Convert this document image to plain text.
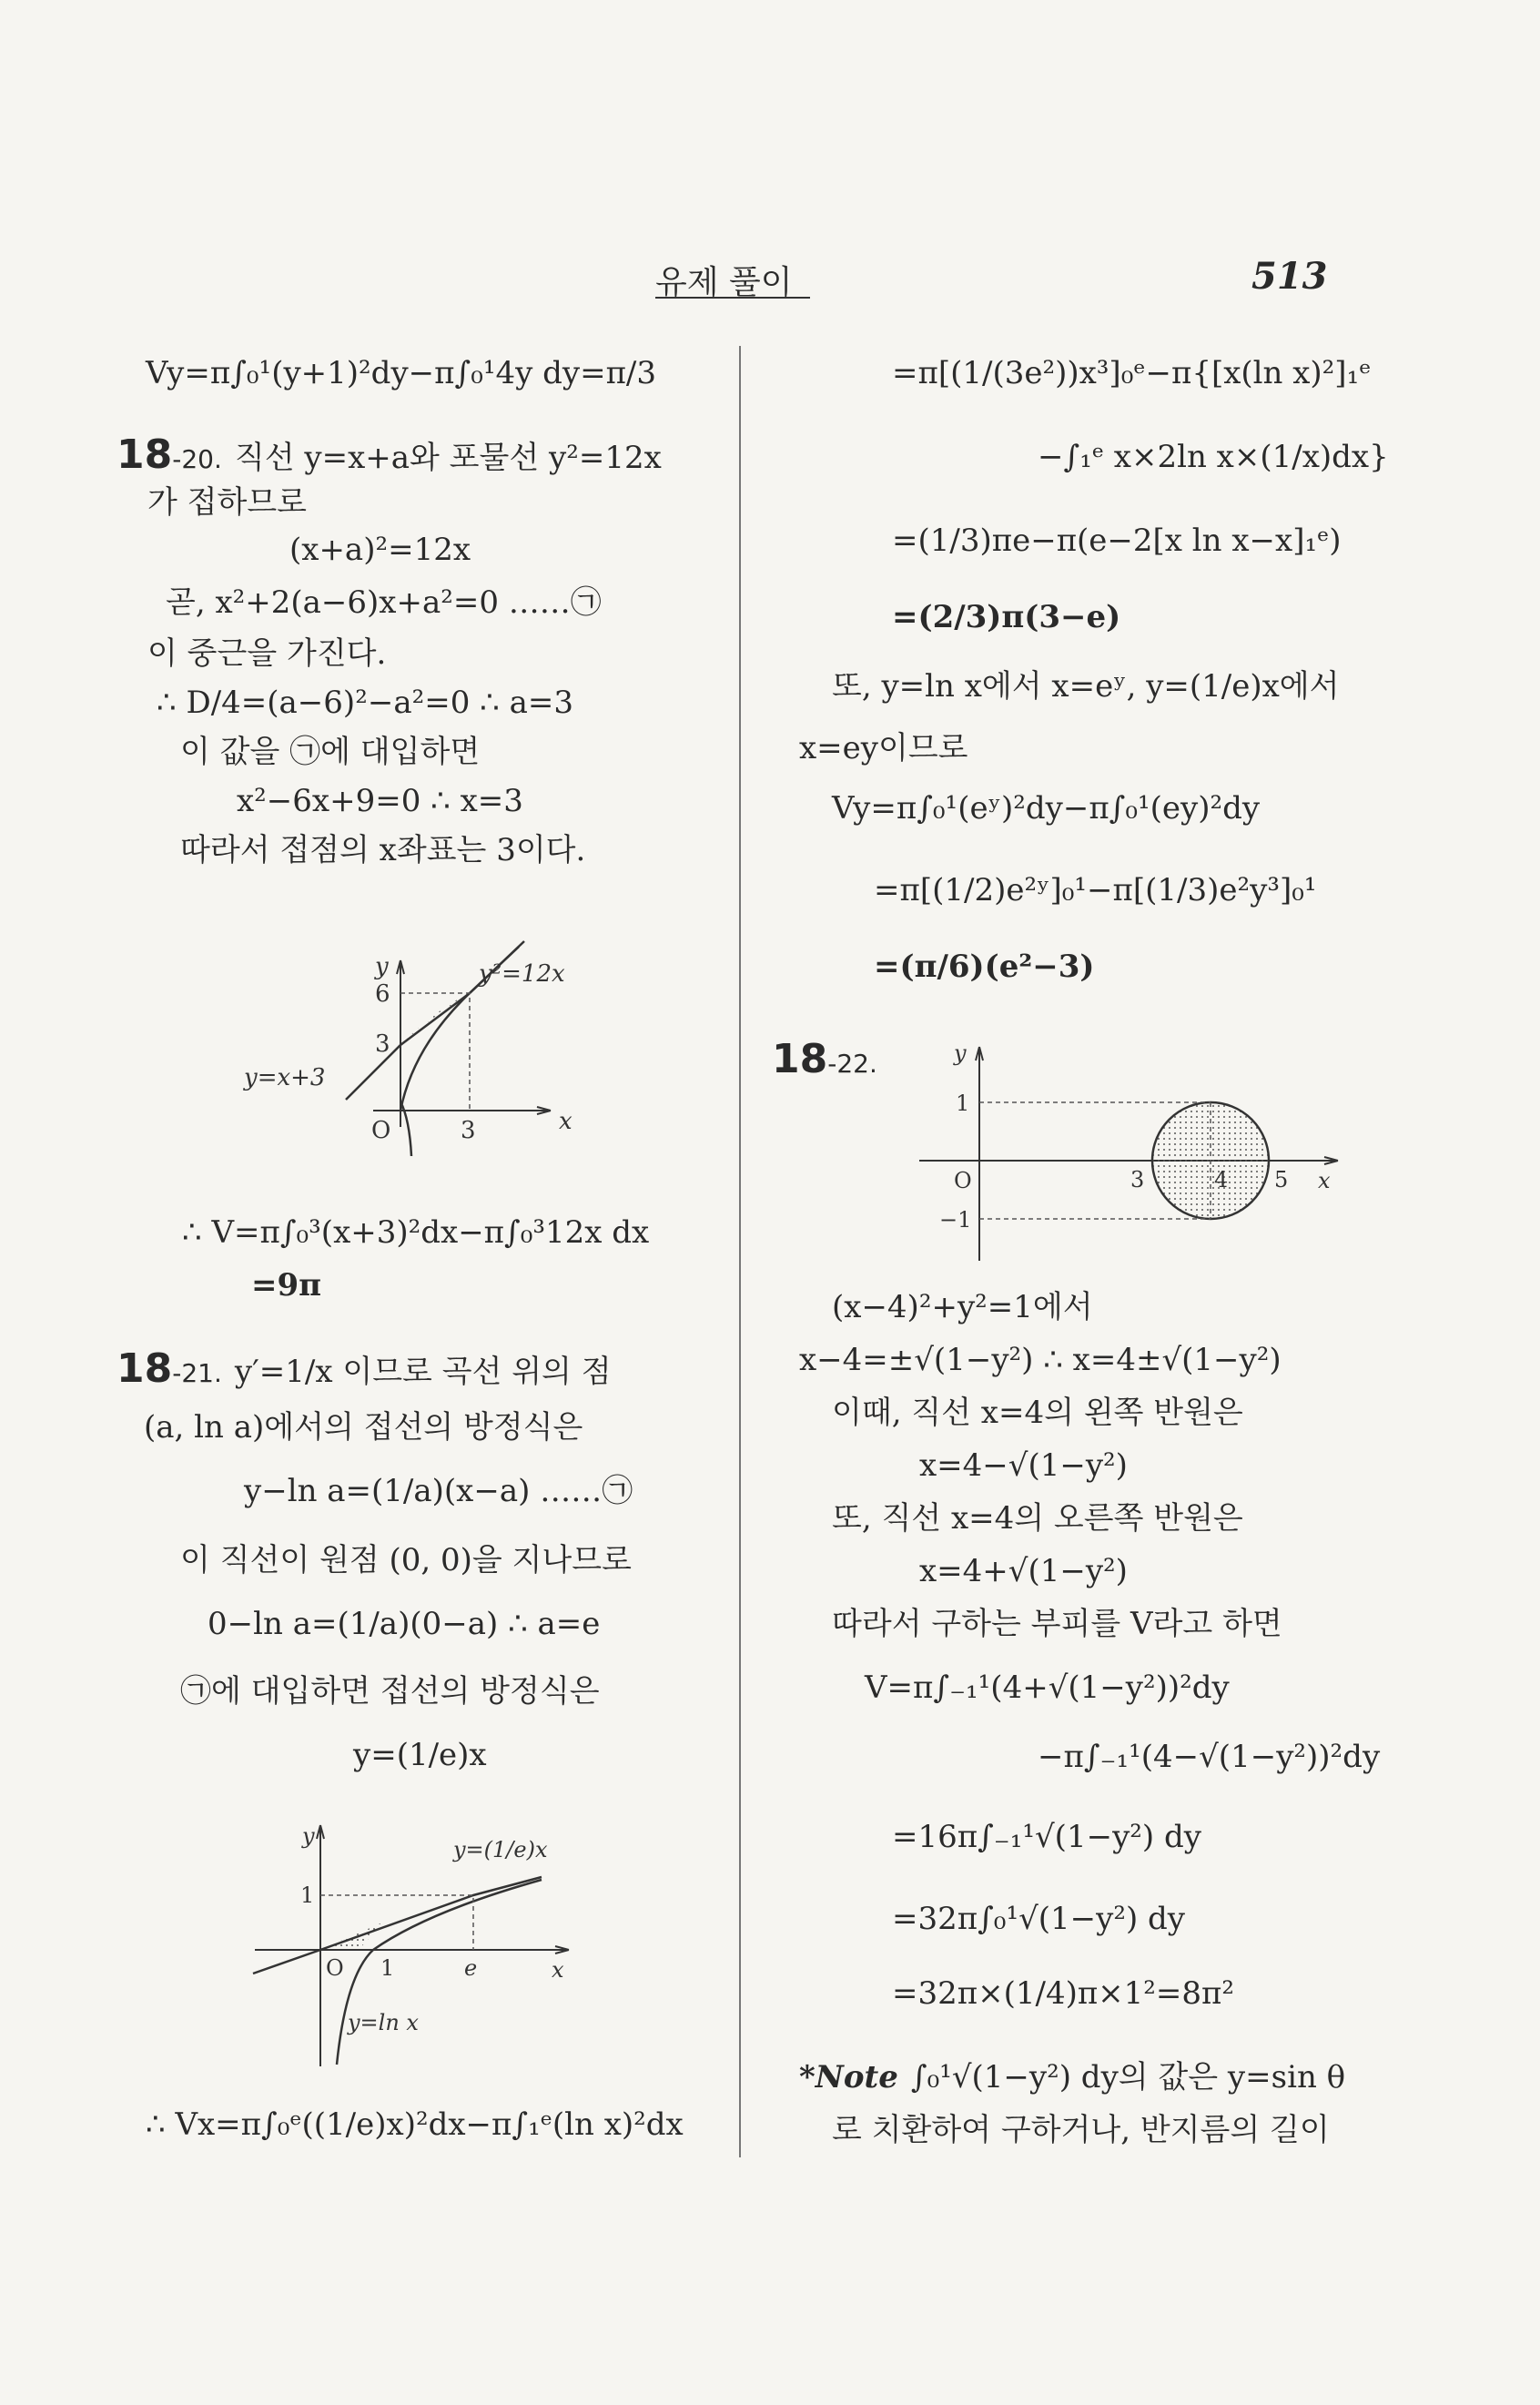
유제 풀이	513
Vy=π∫₀¹(y+1)²dy−π∫₀¹4y dy=π/3
18-20. 직선 y=x+a와 포물선 y²=12x
가 접하므로
(x+a)²=12x
곧, x²+2(a−6)x+a²=0 ……㉠
이 중근을 가진다.
∴ D/4=(a−6)²−a²=0 ∴ a=3
이 값을 ㉠에 대입하면
x²−6x+9=0 ∴ x=3
따라서 접점의 x좌표는 3이다.
y
x
O
6
3
3
y²=12x
y=x+3
∴ V=π∫₀³(x+3)²dx−π∫₀³12x dx
=9π
18-21. y′=1/x 이므로 곡선 위의 점
(a, ln a)에서의 접선의 방정식은
y−ln a=(1/a)(x−a) ……㉠
이 직선이 원점 (0, 0)을 지나므로
0−ln a=(1/a)(0−a) ∴ a=e
㉠에 대입하면 접선의 방정식은
y=(1/e)x
y
x
O
1
1	e
y=(1/e)x
y=ln x
∴ Vx=π∫₀ᵉ((1/e)x)²dx−π∫₁ᵉ(ln x)²dx
=π[(1/(3e²))x³]₀ᵉ−π{[x(ln x)²]₁ᵉ
−∫₁ᵉ x×2ln x×(1/x)dx}
=(1/3)πe−π(e−2[x ln x−x]₁ᵉ)
=(2/3)π(3−e)
또, y=ln x에서 x=eʸ, y=(1/e)x에서
x=ey이므로
Vy=π∫₀¹(eʸ)²dy−π∫₀¹(ey)²dy
=π[(1/2)e²ʸ]₀¹−π[(1/3)e²y³]₀¹
=(π/6)(e²−3)
18-22.	y
x
O
1
−1
3	4 5
(x−4)²+y²=1에서
x−4=±√(1−y²) ∴ x=4±√(1−y²)
이때, 직선 x=4의 왼쪽 반원은
x=4−√(1−y²)
또, 직선 x=4의 오른쪽 반원은
x=4+√(1−y²)
따라서 구하는 부피를 V라고 하면
V=π∫₋₁¹(4+√(1−y²))²dy
−π∫₋₁¹(4−√(1−y²))²dy
=16π∫₋₁¹√(1−y²) dy
=32π∫₀¹√(1−y²) dy
=32π×(1/4)π×1²=8π²
*Note ∫₀¹√(1−y²) dy의 값은 y=sin θ
로 치환하여 구하거나, 반지름의 길이
